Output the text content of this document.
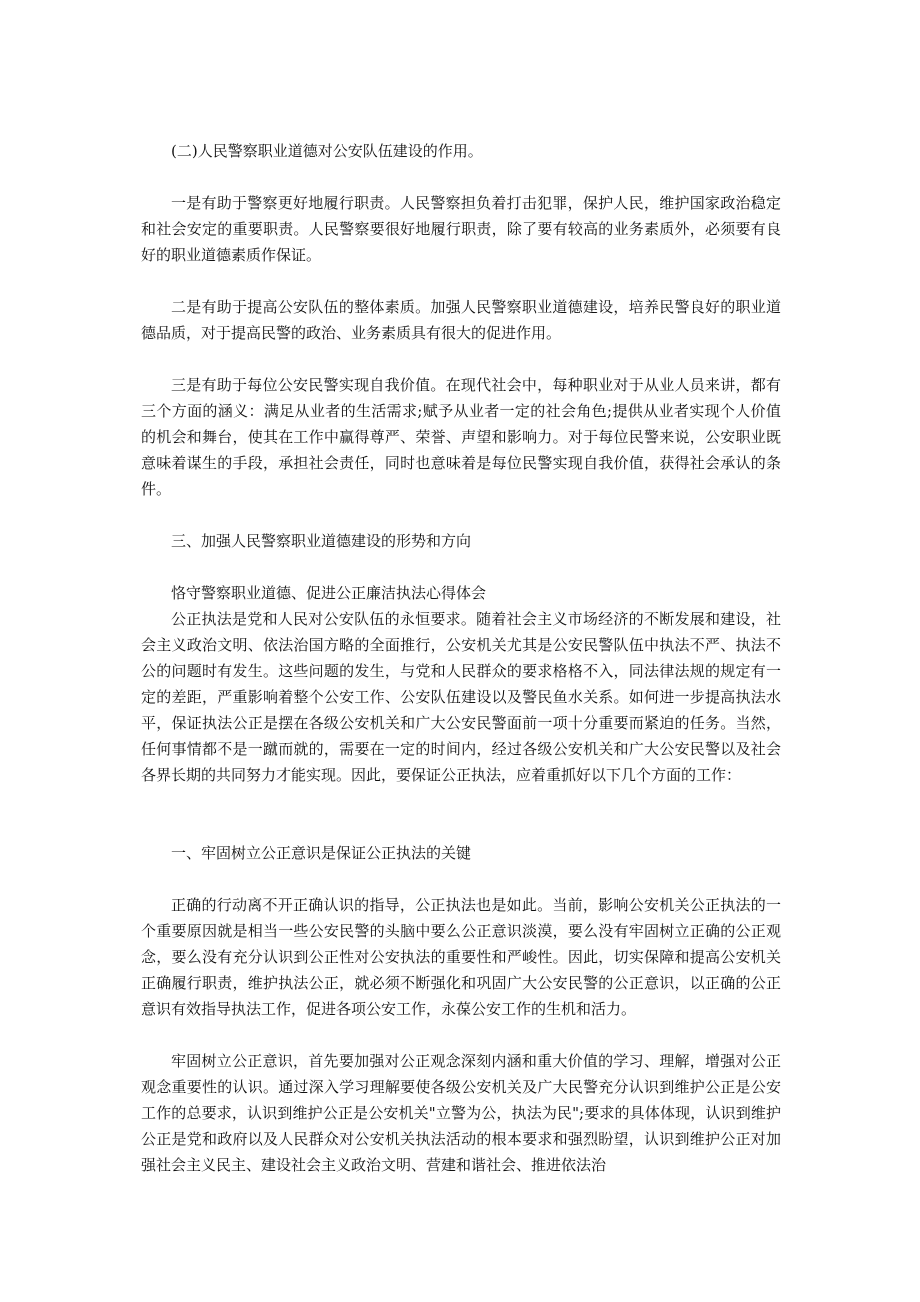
(二)人民警察职业道德对公安队伍建设的作用。

一是有助于警察更好地履行职责。人民警察担负着打击犯罪，保护人民，维护国家政治稳定和社会安定的重要职责。人民警察要很好地履行职责，除了要有较高的业务素质外，必须要有良好的职业道德素质作保证。

二是有助于提高公安队伍的整体素质。加强人民警察职业道德建设，培养民警良好的职业道德品质，对于提高民警的政治、业务素质具有很大的促进作用。

三是有助于每位公安民警实现自我价值。在现代社会中，每种职业对于从业人员来讲，都有三个方面的涵义：满足从业者的生活需求;赋予从业者一定的社会角色;提供从业者实现个人价值的机会和舞台，使其在工作中赢得尊严、荣誉、声望和影响力。对于每位民警来说，公安职业既意味着谋生的手段，承担社会责任，同时也意味着是每位民警实现自我价值，获得社会承认的条件。

三、加强人民警察职业道德建设的形势和方向

恪守警察职业道德、促进公正廉洁执法心得体会

公正执法是党和人民对公安队伍的永恒要求。随着社会主义市场经济的不断发展和建设，社会主义政治文明、依法治国方略的全面推行，公安机关尤其是公安民警队伍中执法不严、执法不公的问题时有发生。这些问题的发生，与党和人民群众的要求格格不入，同法律法规的规定有一定的差距，严重影响着整个公安工作、公安队伍建设以及警民鱼水关系。如何进一步提高执法水平，保证执法公正是摆在各级公安机关和广大公安民警面前一项十分重要而紧迫的任务。当然，任何事情都不是一蹴而就的，需要在一定的时间内，经过各级公安机关和广大公安民警以及社会各界长期的共同努力才能实现。因此，要保证公正执法，应着重抓好以下几个方面的工作：

一、牢固树立公正意识是保证公正执法的关键

正确的行动离不开正确认识的指导，公正执法也是如此。当前，影响公安机关公正执法的一个重要原因就是相当一些公安民警的头脑中要么公正意识淡漠，要么没有牢固树立正确的公正观念，要么没有充分认识到公正性对公安执法的重要性和严峻性。因此，切实保障和提高公安机关正确履行职责，维护执法公正，就必须不断强化和巩固广大公安民警的公正意识，以正确的公正意识有效指导执法工作，促进各项公安工作，永葆公安工作的生机和活力。

牢固树立公正意识，首先要加强对公正观念深刻内涵和重大价值的学习、理解，增强对公正观念重要性的认识。通过深入学习理解要使各级公安机关及广大民警充分认识到维护公正是公安工作的总要求，认识到维护公正是公安机关"立警为公，执法为民";要求的具体体现，认识到维护公正是党和政府以及人民群众对公安机关执法活动的根本要求和强烈盼望，认识到维护公正对加强社会主义民主、建设社会主义政治文明、营建和谐社会、推进依法治
